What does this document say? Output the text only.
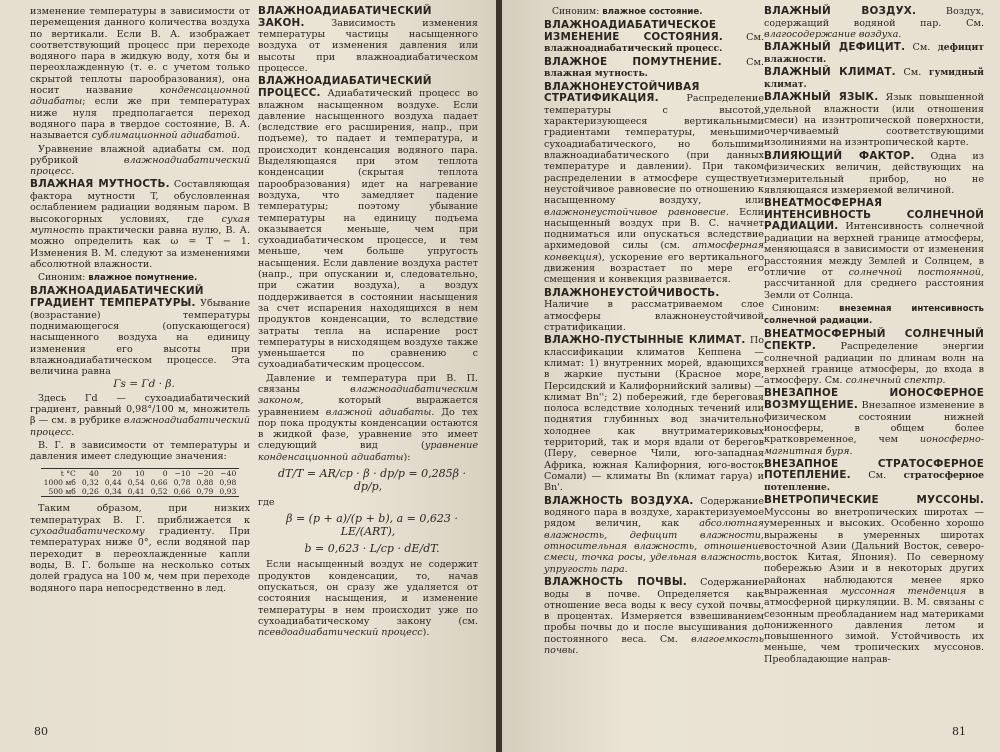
изменение температуры в зависимости от перемещения данного количества воздуха по вертикали. Если В. А. изображает соответствующий процесс при переходе водяного пара в жидкую воду, хотя бы и переохлажденную (т. е. с учетом только скрытой теплоты парообразования), она носит название	конденсационной адиабаты; если же при температурах ниже нуля предполагается переход водяного пара в твердое состояние, В. А. называется сублимационной адиабатой.

Уравнение влажной адиабаты см. под рубрикой	влажноадиабатический процесс.

ВЛАЖНАЯ МУТНОСТЬ. Составляющая фактора мутности T, обусловленная ослаблением радиации водяным паром. В высокогорных условиях, где сухая мутность практически равна нулю, В. А. можно определить как ω = T − 1. Изменения В. М. следуют за изменениями абсолютной влажности.

Синоним: влажное помутнение.

ВЛАЖНОАДИАБАТИЧЕСКИЙ ГРАДИЕНТ ТЕМПЕРАТУРЫ. Убывание (возрастание) температуры поднимающегося (опускающегося) насыщенного воздуха на единицу изменения его высоты при влажноадиабатическом процессе. Эта величина равна

Γs = Γd · β.

Здесь Γd — сухоадиабатический градиент, равный 0,98°/100 м, множитель β — см. в рубрике влажноадиабатический процесс.

В. Г. в зависимости от температуры и давления имеет следующие значения:

t °C	40	20	10	0	−10	−20	−40
1000 мб	0,32	0,44	0,54	0,66	0,78	0,88	0,98
500 мб	0,26	0,34	0,41	0,52	0,66	0,79	0,93

Таким образом, при низких температурах В. Г. приближается к сухоадиабатическому градиенту. При температурах ниже 0°, если водяной пар переходит в переохлажденные капли воды, В. Г. больше на несколько сотых долей градуса на 100 м, чем при переходе водяного пара непосредственно в лед.

ВЛАЖНОАДИАБАТИЧЕСКИЙ ЗАКОН.	Зависимость изменения температуры частицы насыщенного воздуха от изменения давления или высоты при влажноадиабатическом процессе.

ВЛАЖНОАДИАБАТИЧЕСКИЙ ПРОЦЕСС. Адиабатический процесс во влажном насыщенном воздухе. Если давление насыщенного воздуха падает (вследствие его расширения, напр., при подъеме), то падает и температура, и происходит конденсация водяного пара. Выделяющаяся при этом теплота конденсации (скрытая теплота парообразования) идет на нагревание воздуха, что замедляет падение температуры; поэтому убывание температуры на единицу подъема оказывается меньше, чем при сухоадиабатическом процессе, и тем меньше, чем больше упругость насыщения. Если давление воздуха растет (напр., при опускании и, следовательно, при сжатии воздуха), а воздух поддерживается в состоянии насыщения за счет испарения находящихся в нем продуктов конденсации, то вследствие затраты тепла на испарение рост температуры в нисходящем воздухе также уменьшается по сравнению с сухоадиабатическим процессом.

Давление и температура при В. П. связаны	влажноадиабатическим законом,	который выражается уравнением влажной адиабаты. До тех пор пока продукты конденсации остаются в жидкой фазе, уравнение это имеет следующий вид (уравнение конденсационной адиабаты):

dT/T = AR/cp · β · dp/p = 0,285β · dp/p,

где

β = (p + a)/(p + b), a = 0,623 · LE/(ART),

b = 0,623 · L/cp · dE/dT.

Если насыщенный воздух не содержит продуктов конденсации, то, начав опускаться, он сразу же удаляется от состояния насыщения, и изменение температуры в нем происходит уже по сухоадиабатическому закону (см. псевдоадиабатический процесс).

80

Синоним: влажное состояние.

ВЛАЖНОАДИАБАТИЧЕСКОЕ ИЗМЕНЕНИЕ СОСТОЯНИЯ. См. влажноадиабатический процесс.

ВЛАЖНОЕ ПОМУТНЕНИЕ.	См. влажная мутность.

ВЛАЖНОНЕУСТОЙЧИВАЯ СТРАТИФИКАЦИЯ.	Распределение температуры с высотой, характеризующееся вертикальными градиентами температуры, меньшими сухоадиабатического, но большими влажноадиабатического (при данных температуре и давлении). При таком распределении в атмосфере существует неустойчивое равновесие по отношению к насыщенному воздуху, или влажнонеустойчивое равновесие. Если насыщенный воздух при В. С. начнет подниматься или опускаться вследствие архимедовой силы (см. атмосферная конвекция), ускорение его вертикального движения возрастает по мере его смещения и конвекция развивается.

ВЛАЖНОНЕУСТОЙЧИВОСТЬ. Наличие в рассматриваемом слое атмосферы влажнонеустойчивой стратификации.

ВЛАЖНО-ПУСТЫННЫЕ КЛИМАТ. По классификации климатов Кеппена — климат: 1) внутренних морей, вдающихся в жаркие пустыни (Красное море, Персидский и Калифорнийский заливы) — климат Bn''; 2) побережий, где береговая полоса вследствие холодных течений или поднятия глубинных вод значительно холоднее как внутриматериковых территорий, так и моря вдали от берегов (Перу, северное Чили, юго-западная Африка, южная Калифорния, юго-восток Сомали) — климаты Bn (климат гаруа) и Bn'.

ВЛАЖНОСТЬ ВОЗДУХА. Содержание водяного пара в воздухе, характеризуемое рядом величин, как абсолютная влажность, дефицит влажности, относительная влажность, отношение смеси, точка росы, удельная влажность, упругость пара.

ВЛАЖНОСТЬ ПОЧВЫ. Содержание воды в почве. Определяется как отношение веса воды к весу сухой почвы, в процентах. Измеряется взвешиванием пробы почвы до и после высушивания до постоянного веса. См. влагоемкость почвы.

ВЛАЖНЫЙ ВОЗДУХ.	Воздух, содержащий водяной пар. См. влагосодержание воздуха.

ВЛАЖНЫЙ ДЕФИЦИТ. См. дефицит влажности.

ВЛАЖНЫЙ КЛИМАТ. См. гумидный климат.

ВЛАЖНЫЙ ЯЗЫК. Язык повышенной удельной влажности (или отношения смеси) на изэнтропической поверхности, очерчиваемый соответствующими изолиниями на изэнтропической карте.

ВЛИЯЮЩИЙ ФАКТОР. Одна из физических величин, действующих на измерительный прибор, но не являющаяся измеряемой величиной.

ВНЕАТМОСФЕРНАЯ ИНТЕНСИВНОСТЬ СОЛНЕЧНОЙ РАДИАЦИИ. Интенсивность солнечной радиации на верхней границе атмосферы, меняющаяся в зависимости от изменения расстояния между Землей и Солнцем, в отличие от солнечной постоянной, рассчитанной для среднего расстояния Земли от Солнца.

Синоним: внеземная интенсивность солнечной радиации.

ВНЕАТМОСФЕРНЫЙ СОЛНЕЧНЫЙ СПЕКТР.	Распределение энергии солнечной радиации по длинам волн на верхней границе атмосферы, до входа в атмосферу. См. солнечный спектр.

ВНЕЗАПНОЕ ИОНОСФЕРНОЕ ВОЗМУЩЕНИЕ. Внезапное изменение в физическом состоянии нижней ионосферы, в общем более кратковременное, чем ионосферно-магнитная буря.

ВНЕЗАПНОЕ СТРАТОСФЕРНОЕ ПОТЕПЛЕНИЕ. См. стратосферное потепление.

ВНЕТРОПИЧЕСКИЕ МУССОНЫ. Муссоны во внетропических широтах — умеренных и высоких. Особенно хорошо выражены в умеренных широтах восточной Азии (Дальний Восток, северо-восток Китая, Япония). По северному побережью Азии и в некоторых других районах наблюдаются менее ярко выраженная муссонная тенденция в атмосферной циркуляции. В. М. связаны с сезонным преобладанием над материками пониженного давления летом и повышенного зимой. Устойчивость их меньше, чем тропических муссонов. Преобладающие направ-

81
